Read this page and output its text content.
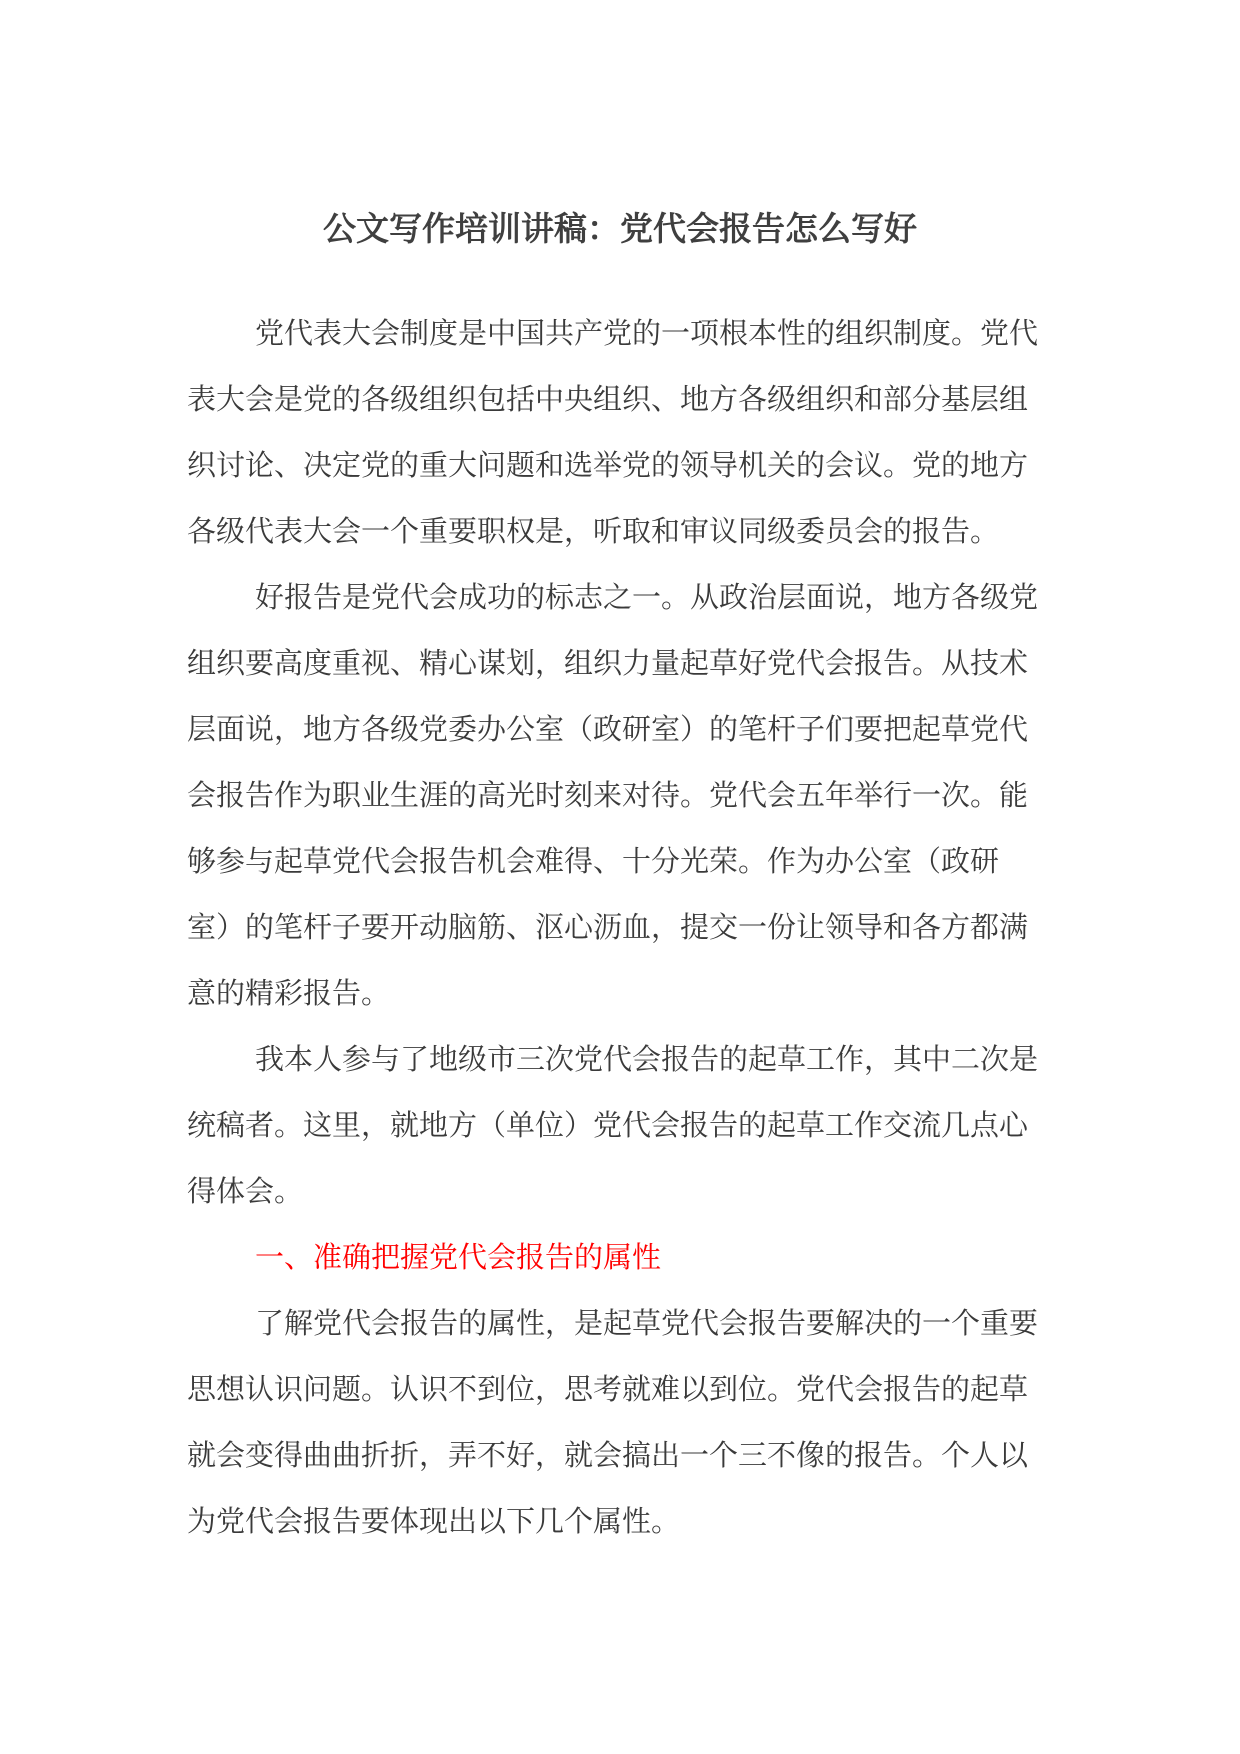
公文写作培训讲稿：党代会报告怎么写好

党代表大会制度是中国共产党的一项根本性的组织制度。党代
表大会是党的各级组织包括中央组织、地方各级组织和部分基层组
织讨论、决定党的重大问题和选举党的领导机关的会议。党的地方
各级代表大会一个重要职权是，听取和审议同级委员会的报告。

好报告是党代会成功的标志之一。从政治层面说，地方各级党
组织要高度重视、精心谋划，组织力量起草好党代会报告。从技术
层面说，地方各级党委办公室（政研室）的笔杆子们要把起草党代
会报告作为职业生涯的高光时刻来对待。党代会五年举行一次。能
够参与起草党代会报告机会难得、十分光荣。作为办公室（政研
室）的笔杆子要开动脑筋、沤心沥血，提交一份让领导和各方都满
意的精彩报告。

我本人参与了地级市三次党代会报告的起草工作，其中二次是
统稿者。这里，就地方（单位）党代会报告的起草工作交流几点心
得体会。

一、准确把握党代会报告的属性

了解党代会报告的属性，是起草党代会报告要解决的一个重要
思想认识问题。认识不到位，思考就难以到位。党代会报告的起草
就会变得曲曲折折，弄不好，就会搞出一个三不像的报告。个人以
为党代会报告要体现出以下几个属性。
